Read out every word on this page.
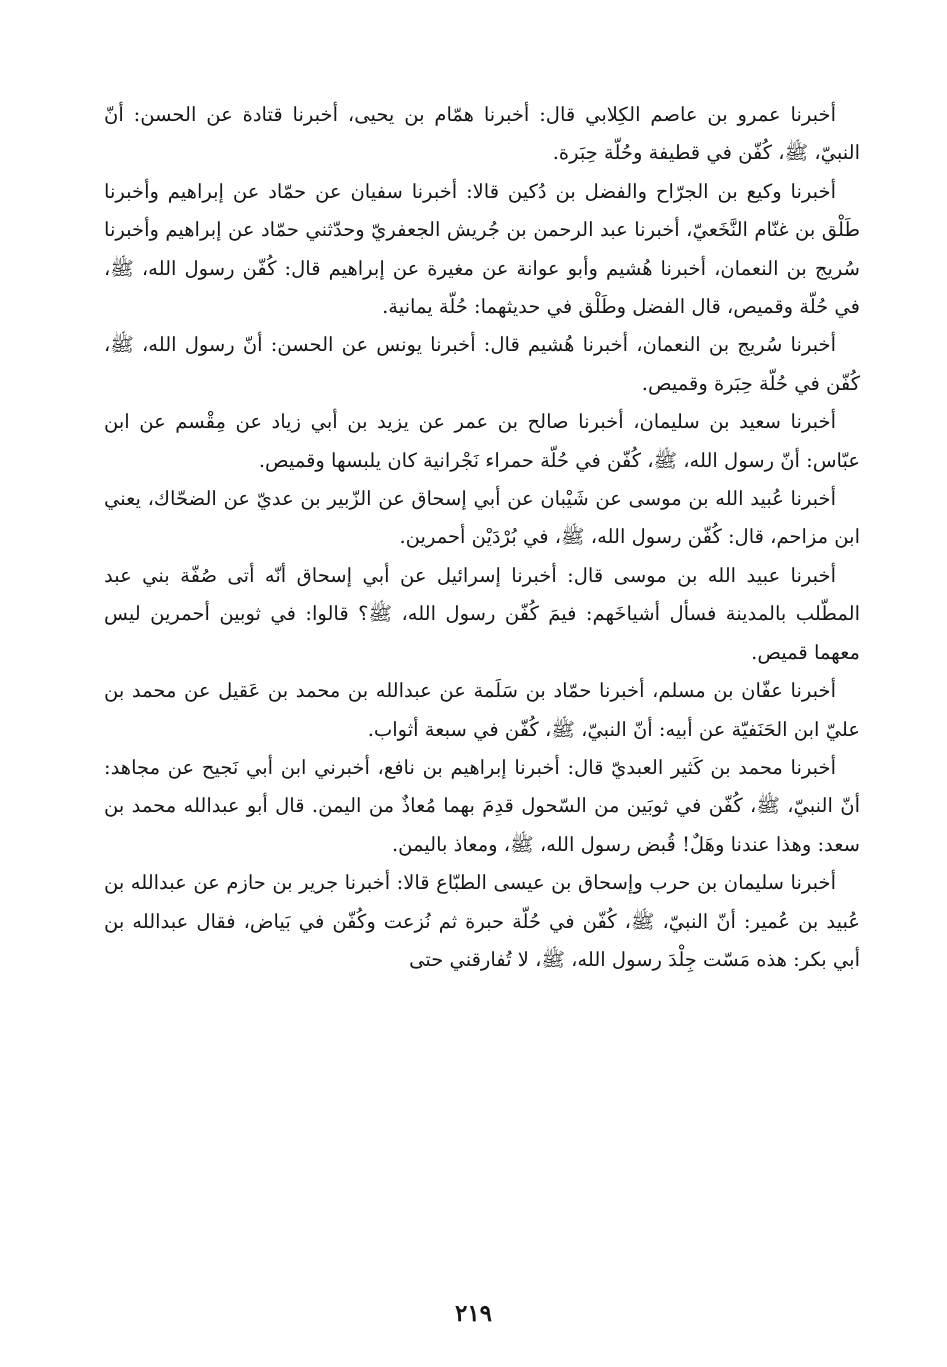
أخبرنا عمرو بن عاصم الكِلابي قال: أخبرنا همّام بن يحيى، أخبرنا قتادة عن الحسن: أنّ النبيّ، ﷺ، كُفّن في قطيفة وحُلّة حِبَرة.

أخبرنا وكيع بن الجرّاح والفضل بن دُكين قالا: أخبرنا سفيان عن حمّاد عن إبراهيم وأخبرنا طَلْق بن غنّام النَّخَعيّ، أخبرنا عبد الرحمن بن جُريش الجعفريّ وحدّثني حمّاد عن إبراهيم وأخبرنا سُريج بن النعمان، أخبرنا هُشيم وأبو عوانة عن مغيرة عن إبراهيم قال: كُفّن رسول الله، ﷺ، في حُلّة وقميص، قال الفضل وطَلْق في حديثهما: حُلّة يمانية.

أخبرنا سُريج بن النعمان، أخبرنا هُشيم قال: أخبرنا يونس عن الحسن: أنّ رسول الله، ﷺ، كُفّن في حُلّة حِبَرة وقميص.

أخبرنا سعيد بن سليمان، أخبرنا صالح بن عمر عن يزيد بن أبي زياد عن مِقْسم عن ابن عبّاس: أنّ رسول الله، ﷺ، كُفّن في حُلّة حمراء نَجْرانية كان يلبسها وقميص.

أخبرنا عُبيد الله بن موسى عن شَيْبان عن أبي إسحاق عن الزّبير بن عديّ عن الضحّاك، يعني ابن مزاحم، قال: كُفّن رسول الله، ﷺ، في بُرْدَيْن أحمرين.

أخبرنا عبيد الله بن موسى قال: أخبرنا إسرائيل عن أبي إسحاق أنّه أتى صُفّة بني عبد المطّلب بالمدينة فسأل أشياخَهم: فيمَ كُفّن رسول الله، ﷺ؟ قالوا: في ثوبين أحمرين ليس معهما قميص.

أخبرنا عفّان بن مسلم، أخبرنا حمّاد بن سَلَمة عن عبدالله بن محمد بن عَقيل عن محمد بن عليّ ابن الحَنَفيّة عن أبيه: أنّ النبيّ، ﷺ، كُفّن في سبعة أثواب.

أخبرنا محمد بن كَثير العبديّ قال: أخبرنا إبراهيم بن نافع، أخبرني ابن أبي نَجيح عن مجاهد: أنّ النبيّ، ﷺ، كُفّن في ثوبَين من السّحول قدِمَ بهما مُعاذٌ من اليمن. قال أبو عبدالله محمد بن سعد: وهذا عندنا وهَلٌ! قُبض رسول الله، ﷺ، ومعاذ باليمن.

أخبرنا سليمان بن حرب وإسحاق بن عيسى الطبّاع قالا: أخبرنا جرير بن حازم عن عبدالله بن عُبيد بن عُمير: أنّ النبيّ، ﷺ، كُفّن في حُلّة حبرة ثم نُزعت وكُفّن في بَياض، فقال عبدالله بن أبي بكر: هذه مَسّت جِلْدَ رسول الله، ﷺ، لا تُفارقني حتى

٢١٩
